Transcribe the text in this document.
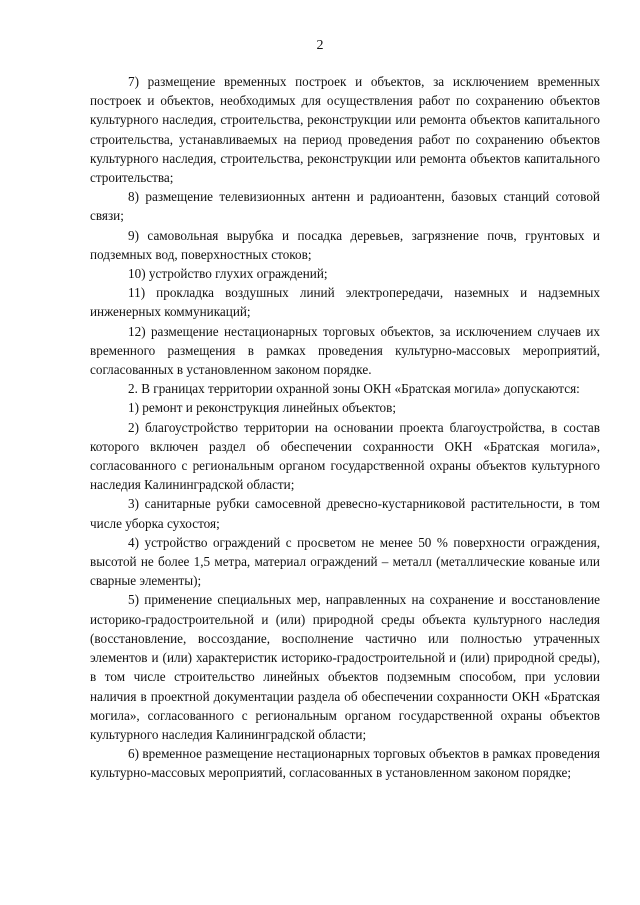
2

7) размещение временных построек и объектов, за исключением временных построек и объектов, необходимых для осуществления работ по сохранению объектов культурного наследия, строительства, реконструкции или ремонта объектов капитального строительства, устанавливаемых на период проведения работ по сохранению объектов культурного наследия, строительства, реконструкции или ремонта объектов капитального строительства;

8) размещение телевизионных антенн и радиоантенн, базовых станций сотовой связи;

9) самовольная вырубка и посадка деревьев, загрязнение почв, грунтовых и подземных вод, поверхностных стоков;

10) устройство глухих ограждений;

11) прокладка воздушных линий электропередачи, наземных и надземных инженерных коммуникаций;

12) размещение нестационарных торговых объектов, за исключением случаев их временного размещения в рамках проведения культурно-массовых мероприятий, согласованных в установленном законом порядке.

2. В границах территории охранной зоны ОКН «Братская могила» допускаются:

1) ремонт и реконструкция линейных объектов;

2) благоустройство территории на основании проекта благоустройства, в состав которого включен раздел об обеспечении сохранности ОКН «Братская могила», согласованного с региональным органом государственной охраны объектов культурного наследия Калининградской области;

3) санитарные рубки самосевной древесно-кустарниковой растительности, в том числе уборка сухостоя;

4) устройство ограждений с просветом не менее 50 % поверхности ограждения, высотой не более 1,5 метра, материал ограждений – металл (металлические кованые или сварные элементы);

5) применение специальных мер, направленных на сохранение и восстановление историко-градостроительной и (или) природной среды объекта культурного наследия (восстановление, воссоздание, восполнение частично или полностью утраченных элементов и (или) характеристик историко-градостроительной и (или) природной среды), в том числе строительство линейных объектов подземным способом, при условии наличия в проектной документации раздела об обеспечении сохранности ОКН «Братская могила», согласованного с региональным органом государственной охраны объектов культурного наследия Калининградской области;

6) временное размещение нестационарных торговых объектов в рамках проведения культурно-массовых мероприятий, согласованных в установленном законом порядке;
